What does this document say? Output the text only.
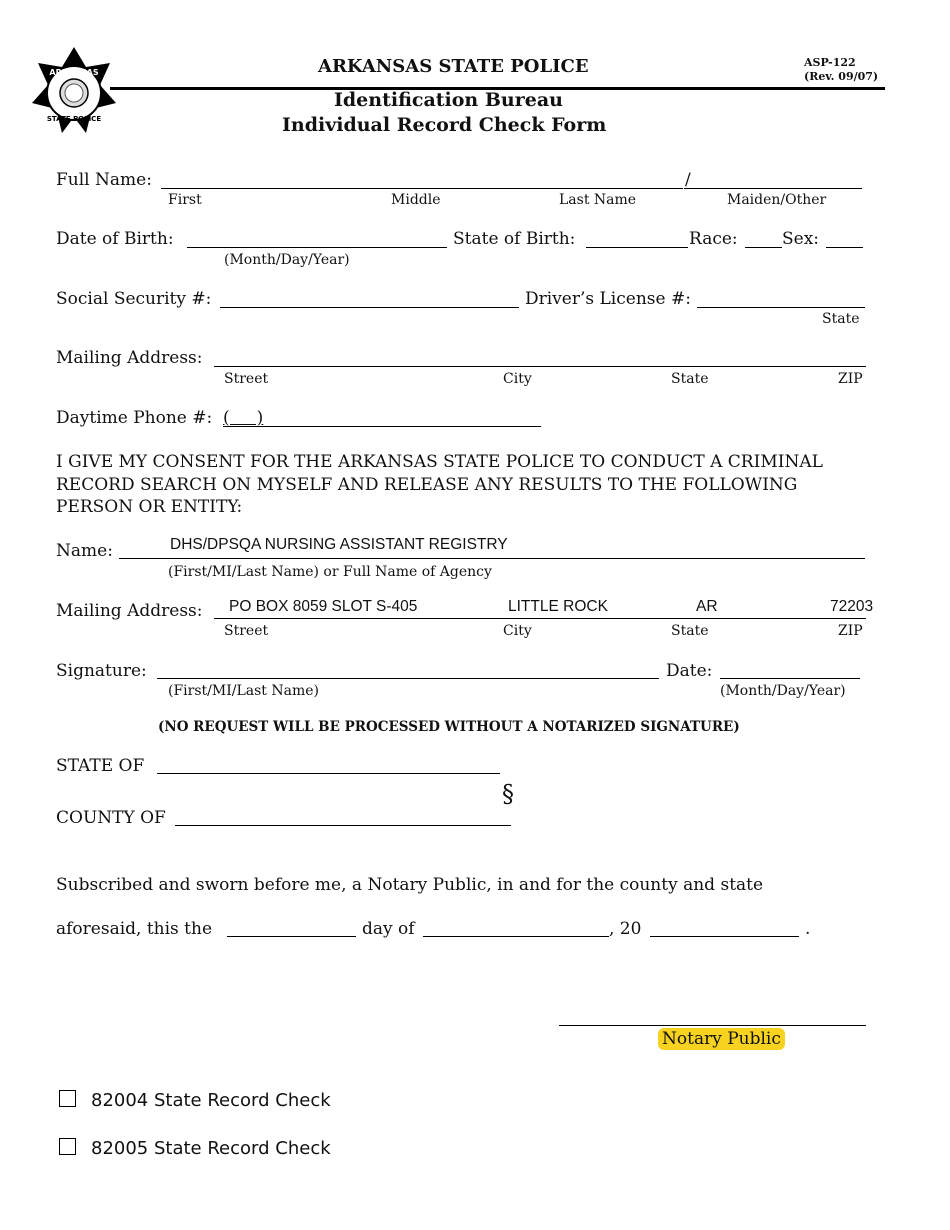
ARKANSAS
STATE POLICE
ARKANSAS STATE POLICE	ASP-122
(Rev. 09/07)
Identification Bureau
Individual Record Check Form
Full Name:	/
First	Middle	Last Name	Maiden/Other
Date of Birth:
(Month/Day/Year)
State of Birth:	Race:	Sex:
Social Security #:	Driver’s License #:
State
Mailing Address:
Street	City	State	ZIP
Daytime Phone #: (     )
I GIVE MY CONSENT FOR THE ARKANSAS STATE POLICE TO CONDUCT A CRIMINAL
RECORD SEARCH ON MYSELF AND RELEASE ANY RESULTS TO THE FOLLOWING
PERSON OR ENTITY:
Name:	DHS/DPSQA NURSING ASSISTANT REGISTRY
(First/MI/Last Name) or Full Name of Agency
Mailing Address: PO BOX 8059 SLOT S-405	LITTLE ROCK	AR	72203
Street	City	State	ZIP
Signature:
(First/MI/Last Name)
Date:
(Month/Day/Year)
(NO REQUEST WILL BE PROCESSED WITHOUT A NOTARIZED SIGNATURE)
STATE OF
§
COUNTY OF
Subscribed and sworn before me, a Notary Public, in and for the county and state
aforesaid, this the	day of	, 20	.
Notary Public
82004 State Record Check
82005 State Record Check
